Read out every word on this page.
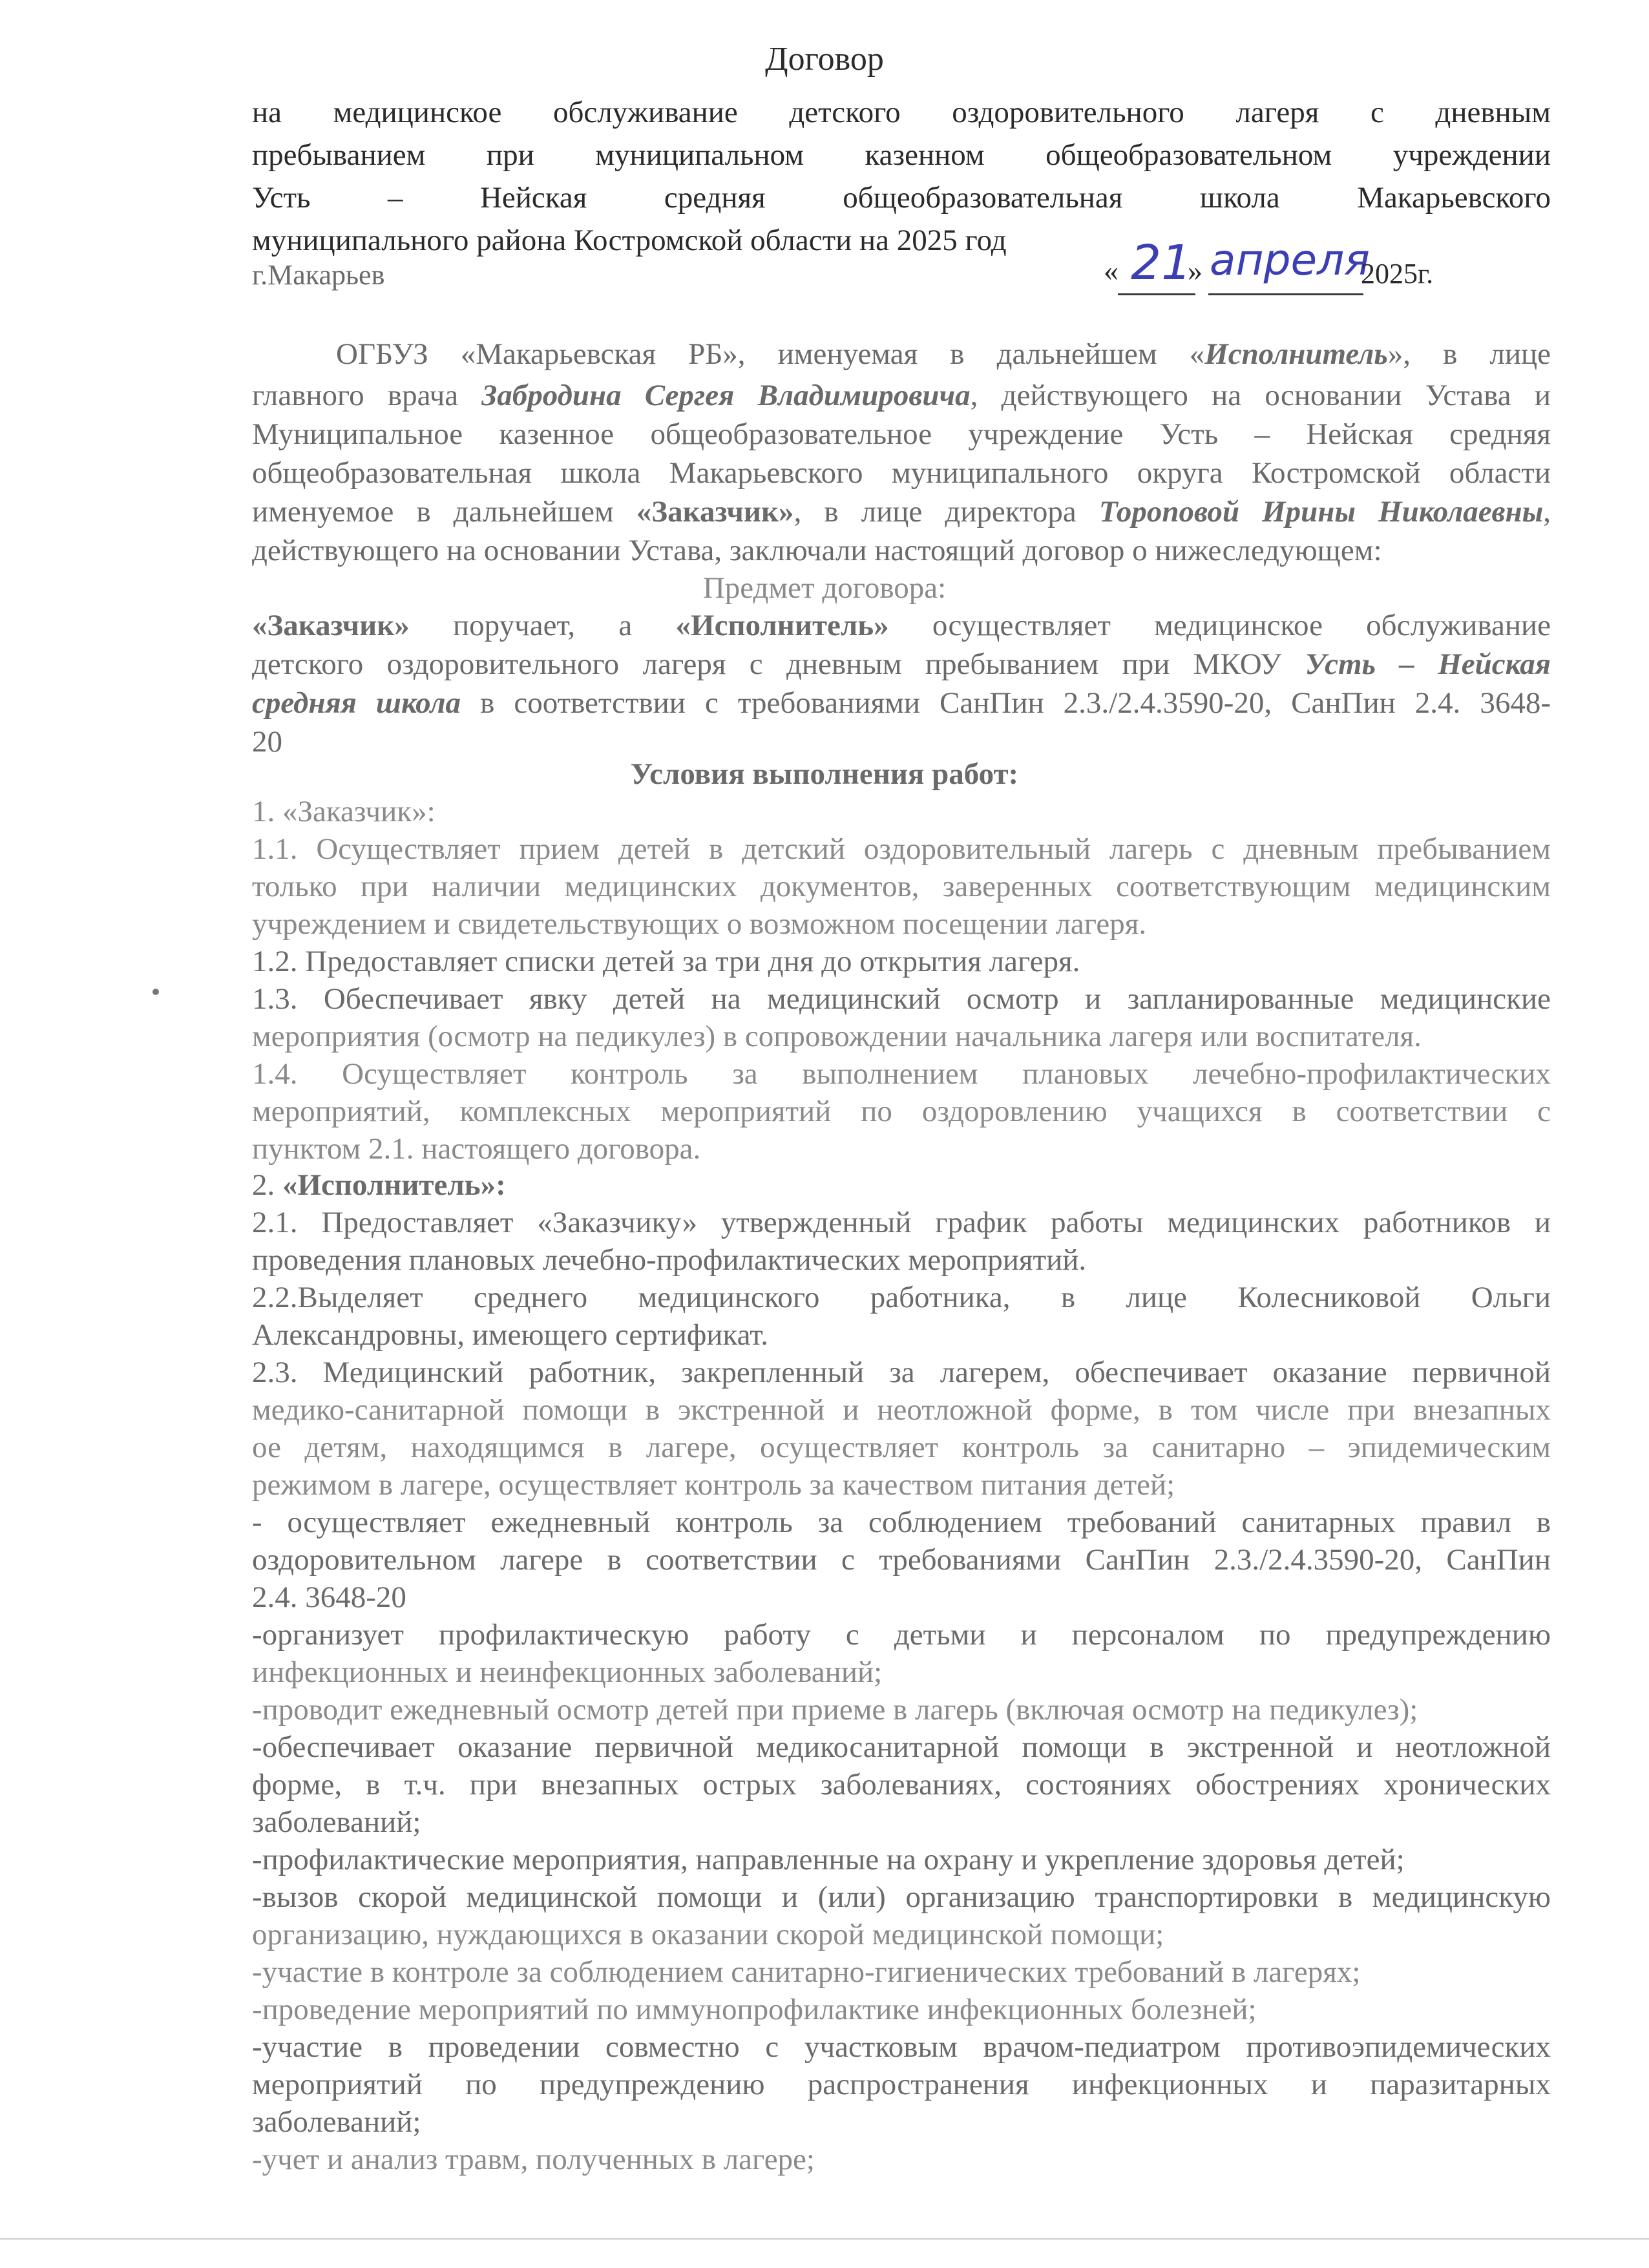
Договор
на медицинское обслуживание детского оздоровительного лагеря с дневным
пребыванием при муниципальном казенном общеобразовательном учреждении
Усть – Нейская средняя общеобразовательная школа Макарьевского
муниципального района Костромской области на 2025 год
г.Макарьев	« 21
» апреля
2025г.
ОГБУЗ «Макарьевская РБ», именуемая в дальнейшем «Исполнитель», в лице
главного врача Забродина Сергея Владимировича, действующего на основании Устава и
Муниципальное казенное общеобразовательное учреждение Усть – Нейская средняя
общеобразовательная школа Макарьевского муниципального округа Костромской области
именуемое в дальнейшем «Заказчик», в лице директора Тороповой Ирины Николаевны,
действующего на основании Устава, заключали настоящий договор о нижеследующем:
Предмет договора:
«Заказчик» поручает, а «Исполнитель» осуществляет медицинское обслуживание
детского оздоровительного лагеря с дневным пребыванием при МКОУ Усть – Нейская
средняя школа в соответствии с требованиями СанПин 2.3./2.4.3590-20, СанПин 2.4. 3648-
20
Условия выполнения работ:
1. «Заказчик»:
1.1. Осуществляет прием детей в детский оздоровительный лагерь с дневным пребыванием
только при наличии медицинских документов, заверенных соответствующим медицинским
учреждением и свидетельствующих о возможном посещении лагеря.
1.2. Предоставляет списки детей за три дня до открытия лагеря.
1.3. Обеспечивает явку детей на медицинский осмотр и запланированные медицинские
мероприятия (осмотр на педикулез) в сопровождении начальника лагеря или воспитателя.
1.4. Осуществляет контроль за выполнением плановых лечебно-профилактических
мероприятий, комплексных мероприятий по оздоровлению учащихся в соответствии с
пунктом 2.1. настоящего договора.
2. «Исполнитель»:
2.1. Предоставляет «Заказчику» утвержденный график работы медицинских работников и
проведения плановых лечебно-профилактических мероприятий.
2.2.Выделяет среднего медицинского работника, в лице Колесниковой Ольги
Александровны, имеющего сертификат.
2.3. Медицинский работник, закрепленный за лагерем, обеспечивает оказание первичной
медико-санитарной помощи в экстренной и неотложной форме, в том числе при внезапных
ое детям, находящимся в лагере, осуществляет контроль за санитарно – эпидемическим
режимом в лагере, осуществляет контроль за качеством питания детей;
- осуществляет ежедневный контроль за соблюдением требований санитарных правил в
оздоровительном лагере в соответствии с требованиями СанПин 2.3./2.4.3590-20, СанПин
2.4. 3648-20
-организует профилактическую работу с детьми и персоналом по предупреждению
инфекционных и неинфекционных заболеваний;
-проводит ежедневный осмотр детей при приеме в лагерь (включая осмотр на педикулез);
-обеспечивает оказание первичной медикосанитарной помощи в экстренной и неотложной
форме, в т.ч. при внезапных острых заболеваниях, состояниях обострениях хронических
заболеваний;
-профилактические мероприятия, направленные на охрану и укрепление здоровья детей;
-вызов скорой медицинской помощи и (или) организацию транспортировки в медицинскую
организацию, нуждающихся в оказании скорой медицинской помощи;
-участие в контроле за соблюдением санитарно-гигиенических требований в лагерях;
-проведение мероприятий по иммунопрофилактике инфекционных болезней;
-участие в проведении совместно с участковым врачом-педиатром противоэпидемических
мероприятий по предупреждению распространения инфекционных и паразитарных
заболеваний;
-учет и анализ травм, полученных в лагере;
